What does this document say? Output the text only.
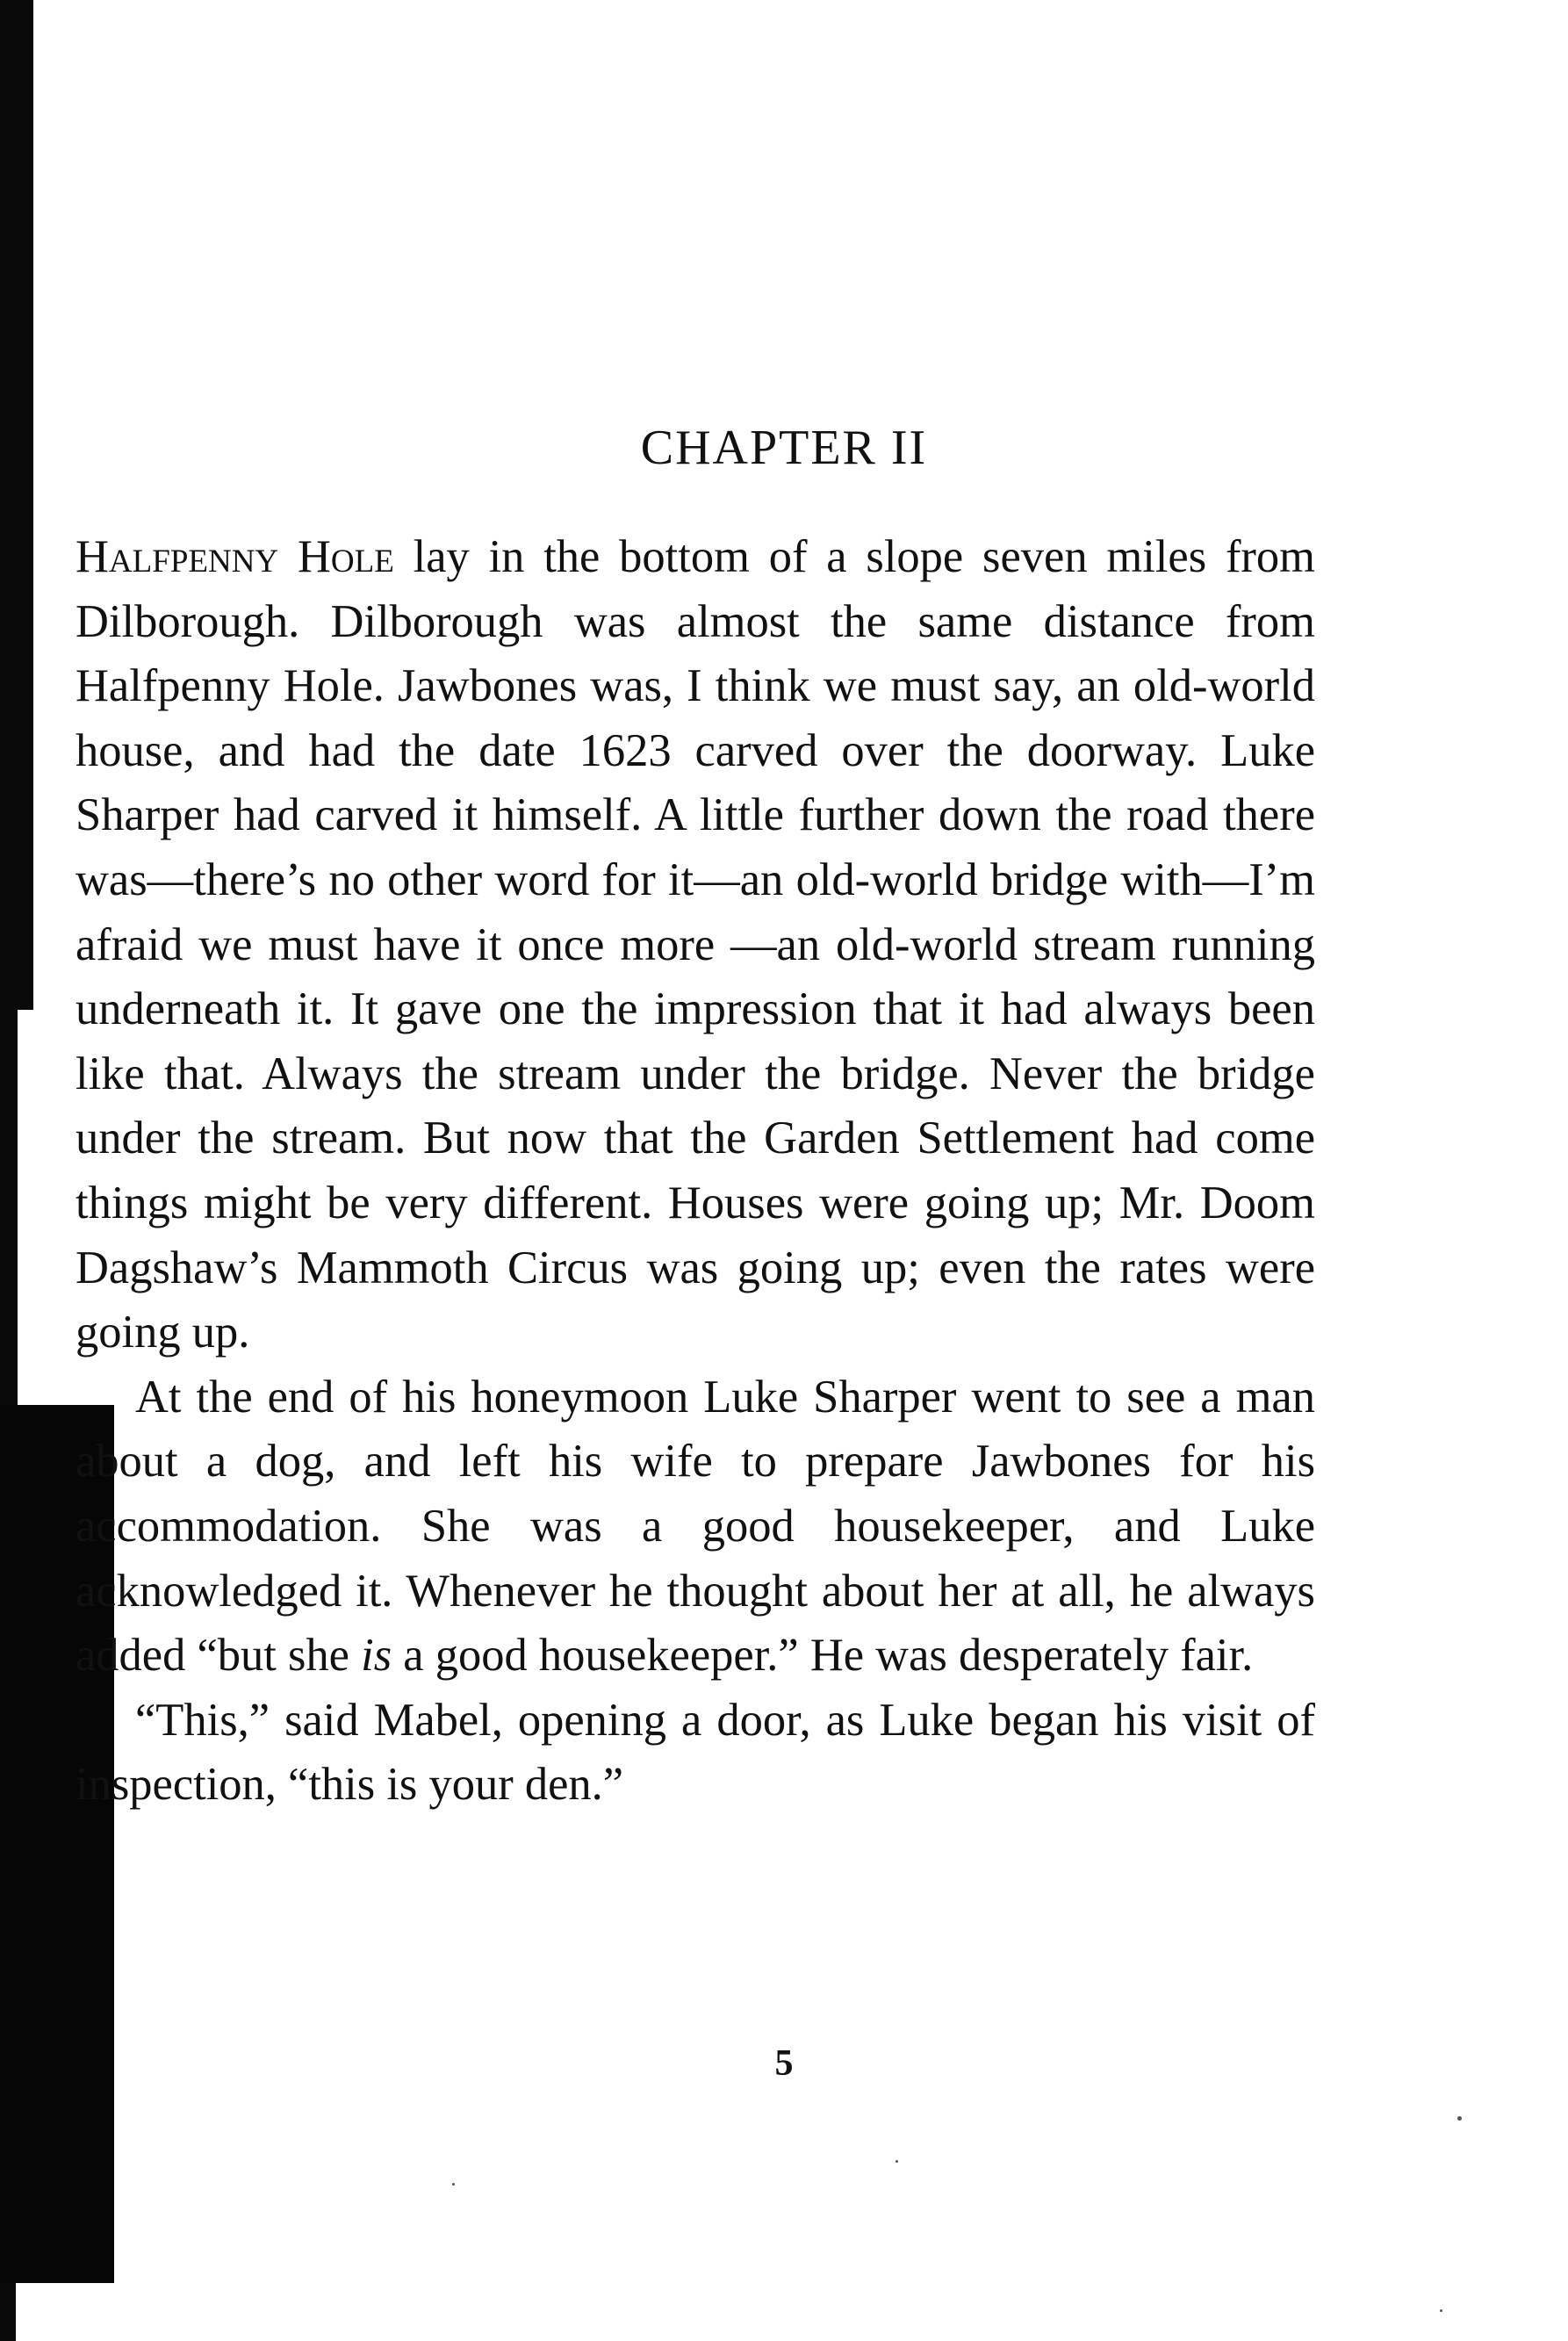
CHAPTER II

Halfpenny Hole lay in the bottom of a slope seven miles from Dilborough. Dilborough was almost the same distance from Halfpenny Hole. Jawbones was, I think we must say, an old-world house, and had the date 1623 carved over the doorway. Luke Sharper had carved it himself. A little further down the road there was—there’s no other word for it—an old-world bridge with—I’m afraid we must have it once more —an old-world stream running underneath it. It gave one the impression that it had always been like that. Always the stream under the bridge. Never the bridge under the stream. But now that the Garden Settlement had come things might be very different. Houses were going up; Mr. Doom Dagshaw’s Mammoth Circus was going up; even the rates were going up.

At the end of his honeymoon Luke Sharper went to see a man about a dog, and left his wife to prepare Jawbones for his accommodation. She was a good housekeeper, and Luke acknowledged it. Whenever he thought about her at all, he always added “but she is a good housekeeper.” He was desperately fair.

“This,” said Mabel, opening a door, as Luke began his visit of inspection, “this is your den.”

5
